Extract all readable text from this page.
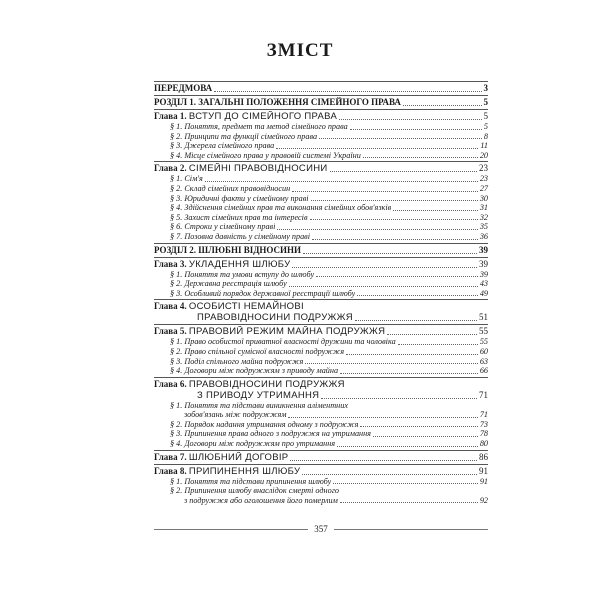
ЗМІСТ
ПЕРЕДМОВА	3
РОЗДІЛ 1. ЗАГАЛЬНІ ПОЛОЖЕННЯ СІМЕЙНОГО ПРАВА	5
Глава 1. ВСТУП ДО СІМЕЙНОГО ПРАВА	5
§ 1. Поняття, предмет та метод сімейного права	5
§ 2. Принципи та функції сімейного права	8
§ 3. Джерела сімейного права	11
§ 4. Місце сімейного права у правовій системі України	20
Глава 2. СІМЕЙНІ ПРАВОВІДНОСИНИ	23
§ 1. Сім'я	23
§ 2. Склад сімейних правовідносин	27
§ 3. Юридичні факти у сімейному праві	30
§ 4. Здійснення сімейних прав та виконання сімейних обов'язків	31
§ 5. Захист сімейних прав та інтересів	32
§ 6. Строки у сімейному праві	35
§ 7. Позовна давність у сімейному праві	36
РОЗДІЛ 2. ШЛЮБНІ ВІДНОСИНИ	39
Глава 3. УКЛАДЕННЯ ШЛЮБУ	39
§ 1. Поняття та умови вступу до шлюбу	39
§ 2. Державна реєстрація шлюбу	43
§ 3. Особливий порядок державної реєстрації шлюбу	49
Глава 4. ОСОБИСТІ НЕМАЙНОВІ
ПРАВОВІДНОСИНИ ПОДРУЖЖЯ	51
Глава 5. ПРАВОВИЙ РЕЖИМ МАЙНА ПОДРУЖЖЯ	55
§ 1. Право особистої приватної власності дружини та чоловіка	55
§ 2. Право спільної сумісної власності подружжя	60
§ 3. Поділ спільного майна подружжя	63
§ 4. Договори між подружжям з приводу майна	66
Глава 6. ПРАВОВІДНОСИНИ ПОДРУЖЖЯ
З ПРИВОДУ УТРИМАННЯ	71
§ 1. Поняття та підстави виникнення аліментних
зобов'язань між подружжям	71
§ 2. Порядок надання утримання одному з подружжя	73
§ 3. Припинення права одного з подружжя на утримання	78
§ 4. Договори між подружжям про утримання	80
Глава 7. ШЛЮБНИЙ ДОГОВІР	86
Глава 8. ПРИПИНЕННЯ ШЛЮБУ	91
§ 1. Поняття та підстави припинення шлюбу	91
§ 2. Припинення шлюбу внаслідок смерті одного
з подружжя або оголошення його померлим	92
357
